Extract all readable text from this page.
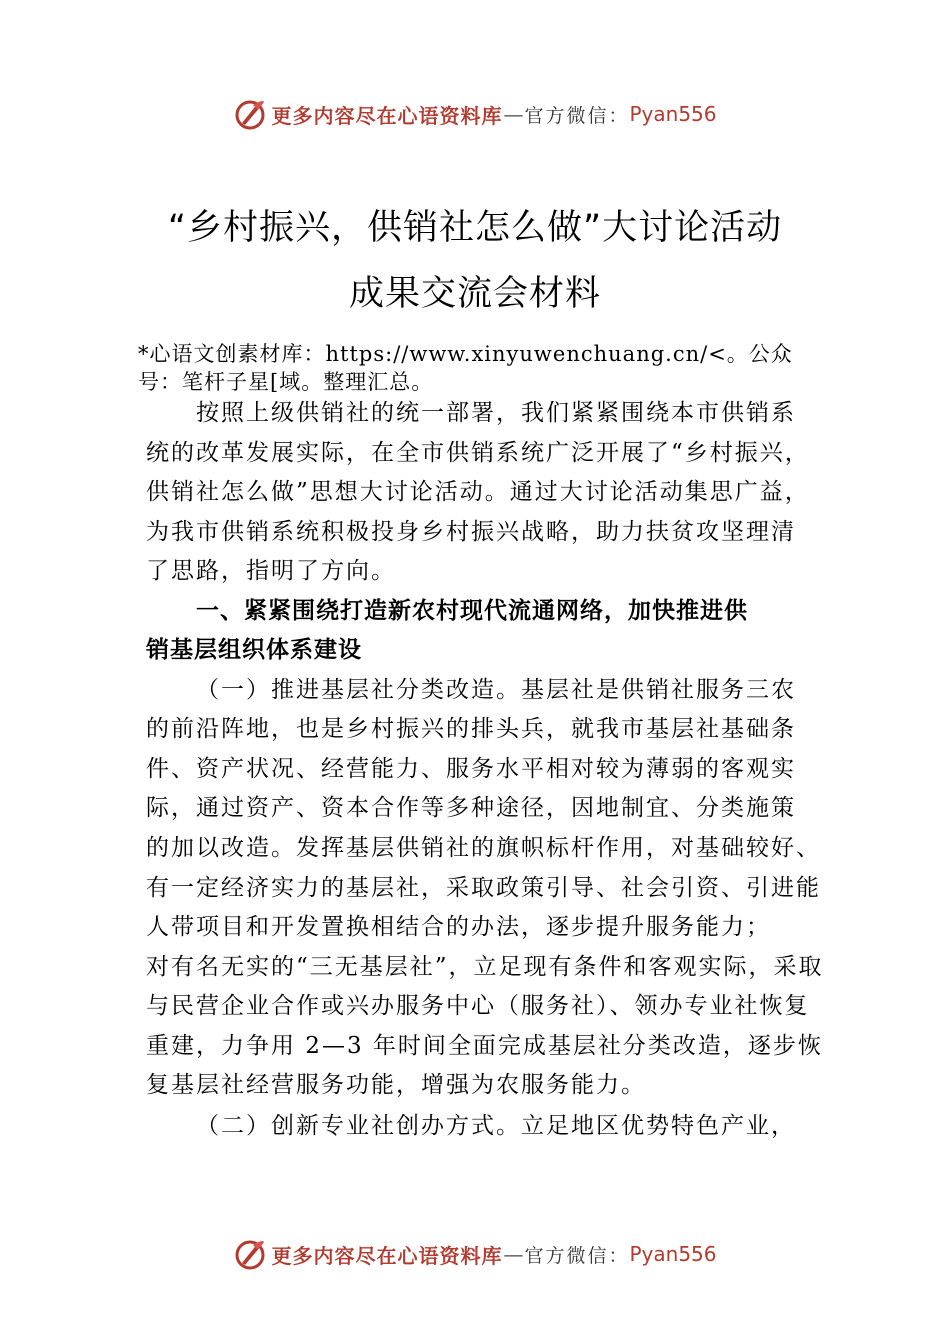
更多内容尽在心语资料库 — 官方微信： Pyan556
“乡村振兴，供销社怎么做”大讨论活动
成果交流会材料
*心语文创素材库：https://www.xinyuwenchuang.cn/<。公众
号：笔杆子星[域。整理汇总。
按照上级供销社的统一部署，我们紧紧围绕本市供销系
统的改革发展实际，在全市供销系统广泛开展了“乡村振兴，
供销社怎么做”思想大讨论活动。通过大讨论活动集思广益，
为我市供销系统积极投身乡村振兴战略，助力扶贫攻坚理清
了思路，指明了方向。
一、紧紧围绕打造新农村现代流通网络，加快推进供
销基层组织体系建设
（一）推进基层社分类改造。基层社是供销社服务三农
的前沿阵地，也是乡村振兴的排头兵，就我市基层社基础条
件、资产状况、经营能力、服务水平相对较为薄弱的客观实
际，通过资产、资本合作等多种途径，因地制宜、分类施策
的加以改造。发挥基层供销社的旗帜标杆作用，对基础较好、
有一定经济实力的基层社，采取政策引导、社会引资、引进能
人带项目和开发置换相结合的办法，逐步提升服务能力；
对有名无实的“三无基层社”，立足现有条件和客观实际，采取
与民营企业合作或兴办服务中心（服务社）、领办专业社恢复
重建，力争用 2—3 年时间全面完成基层社分类改造，逐步恢
复基层社经营服务功能，增强为农服务能力。
（二）创新专业社创办方式。立足地区优势特色产业，
更多内容尽在心语资料库 — 官方微信： Pyan556
